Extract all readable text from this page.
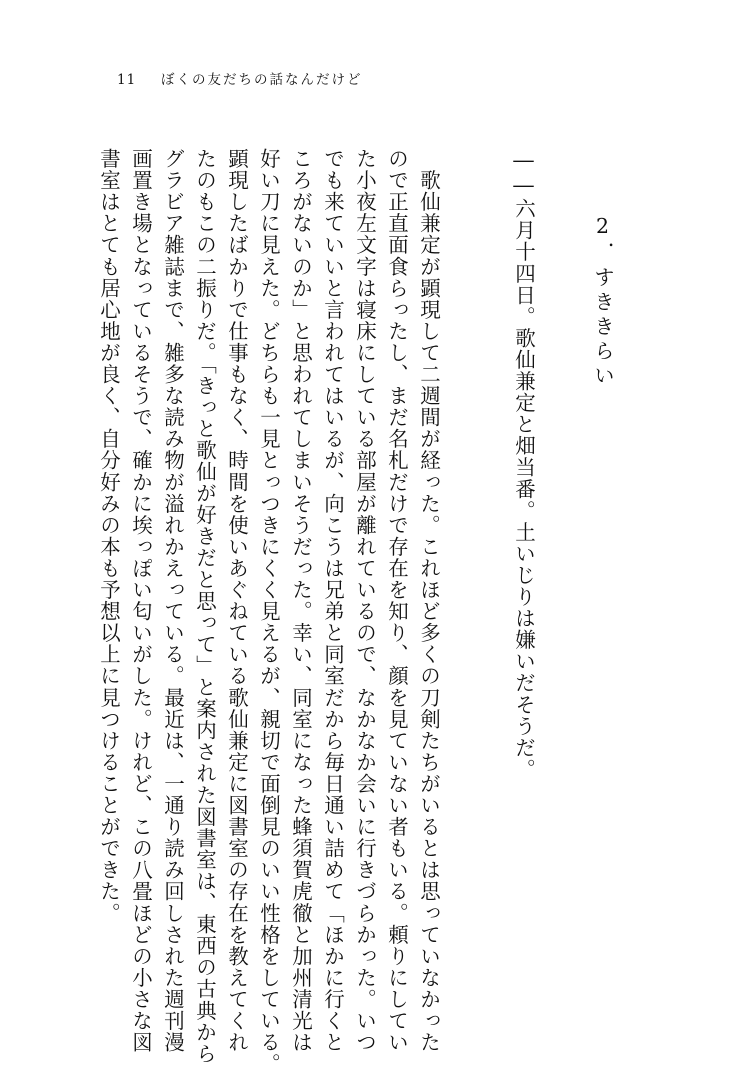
11 ぼくの友だちの話なんだけど
2．すききらい
――六月十四日。歌仙兼定と畑当番。土いじりは嫌いだそうだ。
　歌仙兼定が顕現して二週間が経った。これほど多くの刀剣たちがいるとは思っていなかった
ので正直面食らったし、まだ名札だけで存在を知り、顔を見ていない者もいる。頼りにしてい
た小夜左文字は寝床にしている部屋が離れているので、なかなか会いに行きづらかった。いつ
でも来ていいと言われてはいるが、向こうは兄弟と同室だから毎日通い詰めて「ほかに行くと
ころがないのか」と思われてしまいそうだった。幸い、同室になった蜂須賀虎徹と加州清光は
好い刀に見えた。どちらも一見とっつきにくく見えるが、親切で面倒見のいい性格をしている。
顕現したばかりで仕事もなく、時間を使いあぐねている歌仙兼定に図書室の存在を教えてくれ
たのもこの二振りだ。「きっと歌仙が好きだと思って」と案内された図書室は、東西の古典から
グラビア雑誌まで、雑多な読み物が溢れかえっている。最近は、一通り読み回しされた週刊漫
画置き場となっているそうで、確かに埃っぽい匂いがした。けれど、この八畳ほどの小さな図
書室はとても居心地が良く、自分好みの本も予想以上に見つけることができた。
